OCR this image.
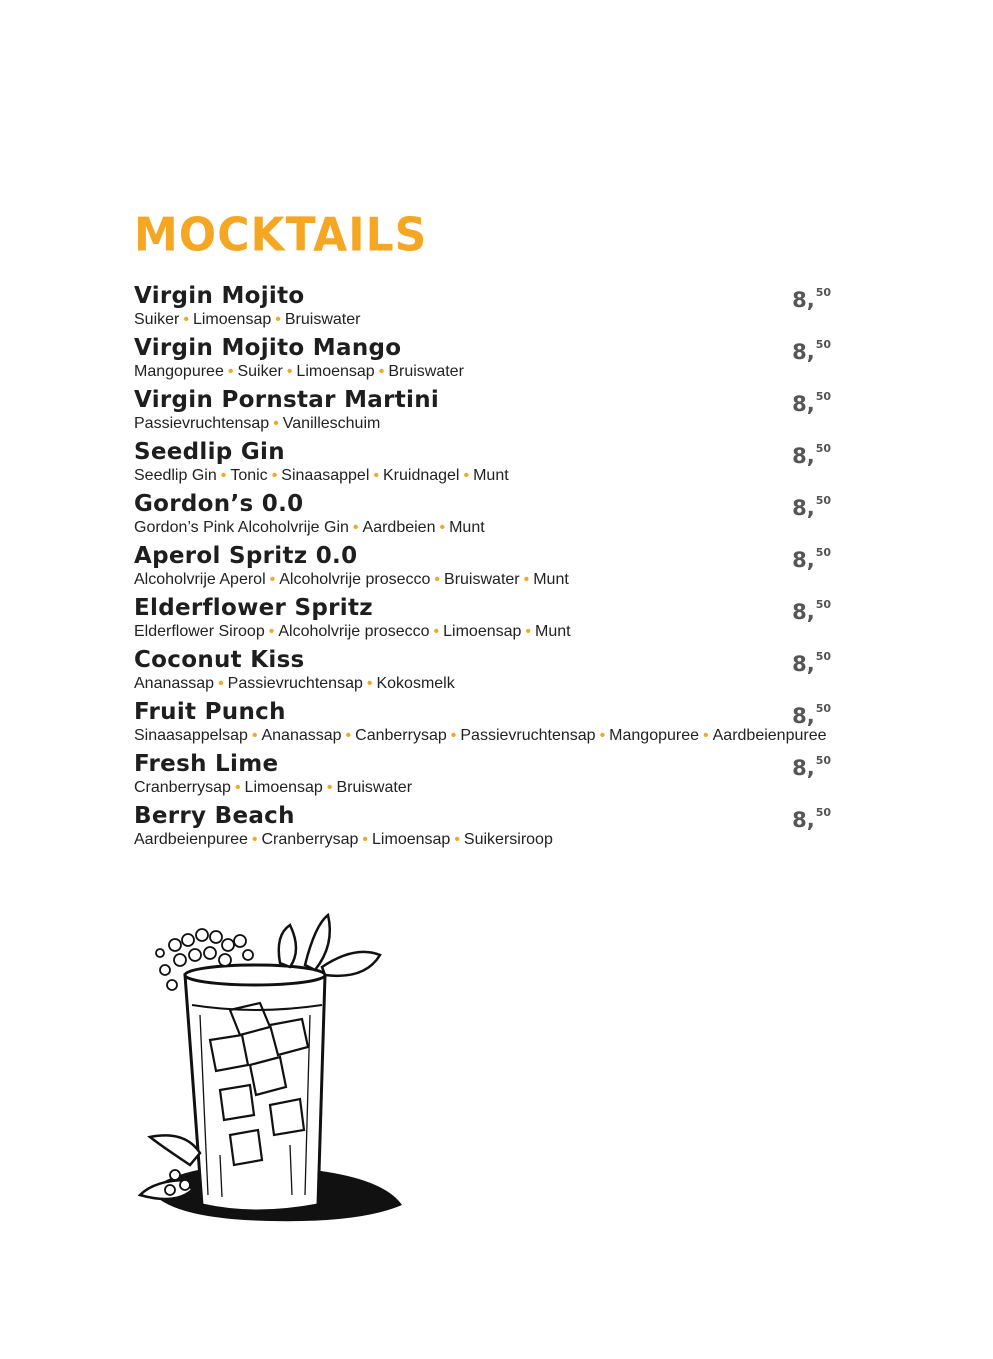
MOCKTAILS
Virgin Mojito
Suiker • Limoensap • Bruiswater
8,50
Virgin Mojito Mango
Mangopuree • Suiker • Limoensap • Bruiswater
8,50
Virgin Pornstar Martini
Passievruchtensap • Vanilleschuim
8,50
Seedlip Gin
Seedlip Gin • Tonic • Sinaasappel • Kruidnagel • Munt
8,50
Gordon’s 0.0
Gordon’s Pink Alcoholvrije Gin • Aardbeien • Munt
8,50
Aperol Spritz 0.0
Alcoholvrije Aperol • Alcoholvrije prosecco • Bruiswater • Munt
8,50
Elderflower Spritz
Elderflower Siroop • Alcoholvrije prosecco • Limoensap • Munt
8,50
Coconut Kiss
Ananassap • Passievruchtensap • Kokosmelk
8,50
Fruit Punch
Sinaasappelsap • Ananassap • Canberrysap • Passievruchtensap • Mangopuree • Aardbeienpuree
8,50
Fresh Lime
Cranberrysap • Limoensap • Bruiswater
8,50
Berry Beach
Aardbeienpuree • Cranberrysap • Limoensap • Suikersiroop
8,50
